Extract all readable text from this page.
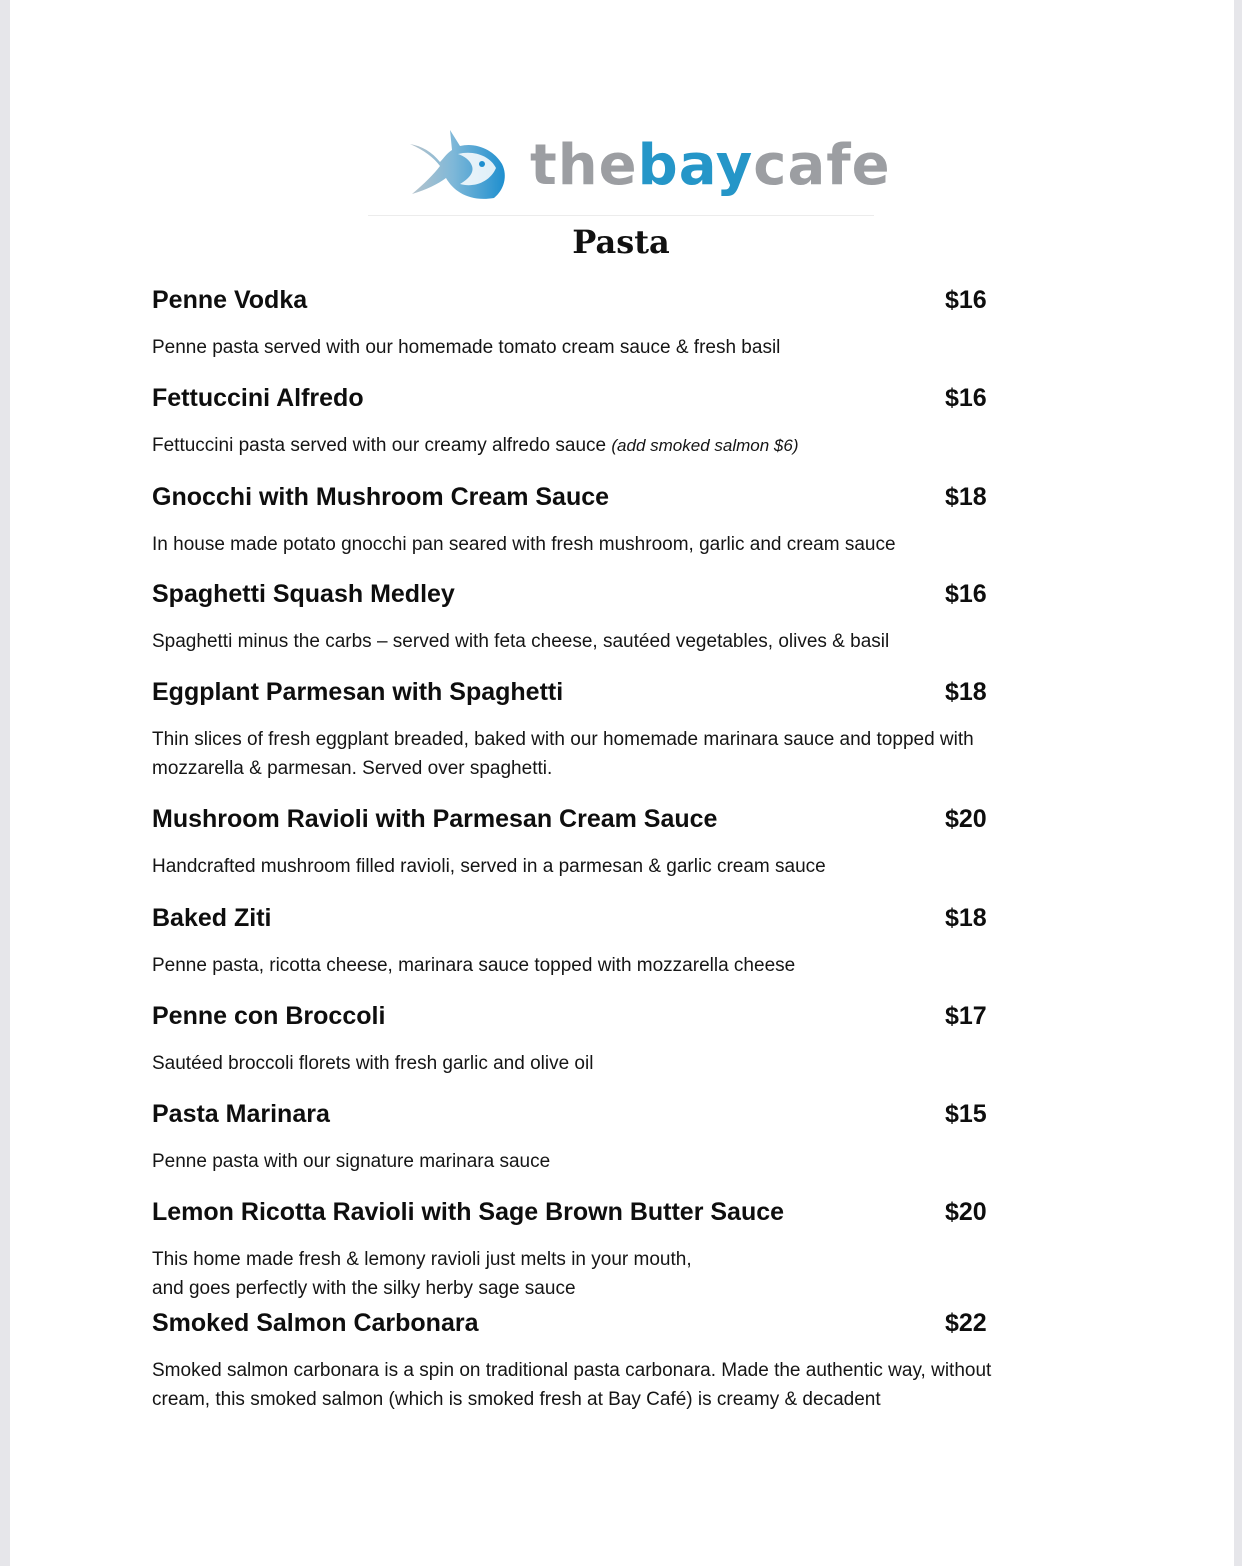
thebaycafe
Pasta
Penne Vodka	$16
Penne pasta served with our homemade tomato cream sauce & fresh basil
Fettuccini Alfredo	$16
Fettuccini pasta served with our creamy alfredo sauce (add smoked salmon $6)
Gnocchi with Mushroom Cream Sauce	$18
In house made potato gnocchi pan seared with fresh mushroom, garlic and cream sauce
Spaghetti Squash Medley	$16
Spaghetti minus the carbs – served with feta cheese, sautéed vegetables, olives & basil
Eggplant Parmesan with Spaghetti	$18
Thin slices of fresh eggplant breaded, baked with our homemade marinara sauce and topped with
mozzarella & parmesan. Served over spaghetti.
Mushroom Ravioli with Parmesan Cream Sauce	$20
Handcrafted mushroom filled ravioli, served in a parmesan & garlic cream sauce
Baked Ziti	$18
Penne pasta, ricotta cheese, marinara sauce topped with mozzarella cheese
Penne con Broccoli	$17
Sautéed broccoli florets with fresh garlic and olive oil
Pasta Marinara	$15
Penne pasta with our signature marinara sauce
Lemon Ricotta Ravioli with Sage Brown Butter Sauce	$20
This home made fresh & lemony ravioli just melts in your mouth,
and goes perfectly with the silky herby sage sauce
Smoked Salmon Carbonara	$22
Smoked salmon carbonara is a spin on traditional pasta carbonara. Made the authentic way, without
cream, this smoked salmon (which is smoked fresh at Bay Café) is creamy & decadent
